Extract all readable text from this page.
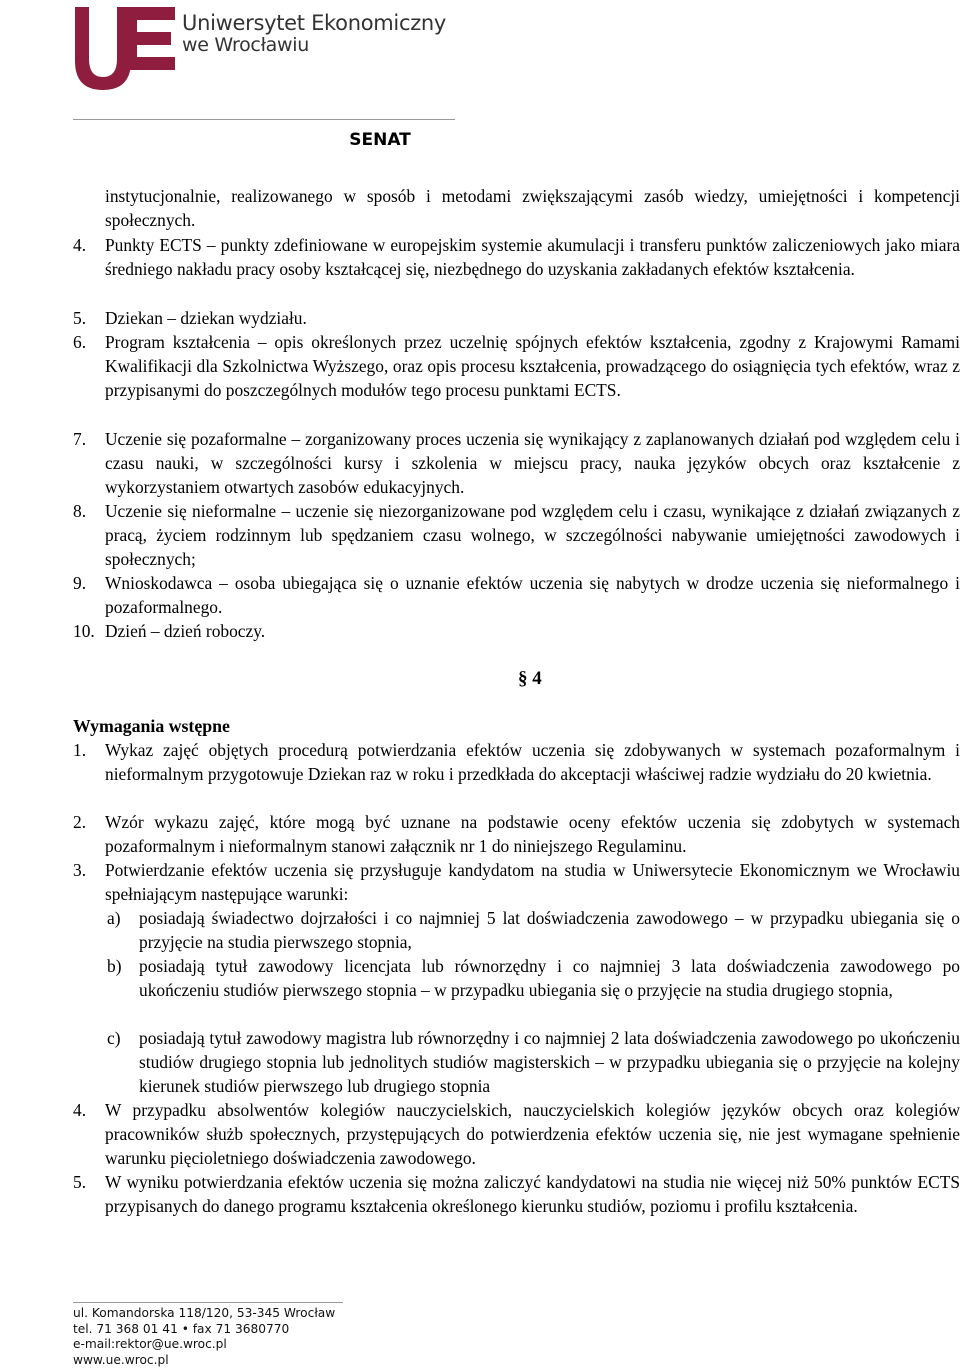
Uniwersytet Ekonomiczny
we Wrocławiu
SENAT
instytucjonalnie, realizowanego w sposób i metodami zwiększającymi zasób wiedzy, umiejętności i kompetencji społecznych.
4. Punkty ECTS – punkty zdefiniowane w europejskim systemie akumulacji i transferu punktów zaliczeniowych jako miara średniego nakładu pracy osoby kształcącej się, niezbędnego do uzyskania zakładanych efektów kształcenia.
5. Dziekan – dziekan wydziału.
6. Program kształcenia – opis określonych przez uczelnię spójnych efektów kształcenia, zgodny z Krajowymi Ramami Kwalifikacji dla Szkolnictwa Wyższego, oraz opis procesu kształcenia, prowadzącego do osiągnięcia tych efektów, wraz z przypisanymi do poszczególnych modułów tego procesu punktami ECTS.
7. Uczenie się pozaformalne – zorganizowany proces uczenia się wynikający z zaplanowanych działań pod względem celu i czasu nauki, w szczególności kursy i szkolenia w miejscu pracy, nauka języków obcych oraz kształcenie z wykorzystaniem otwartych zasobów edukacyjnych.
8. Uczenie się nieformalne – uczenie się niezorganizowane pod względem celu i czasu, wynikające z działań związanych z pracą, życiem rodzinnym lub spędzaniem czasu wolnego, w szczególności nabywanie umiejętności zawodowych i społecznych;
9. Wnioskodawca – osoba ubiegająca się o uznanie efektów uczenia się nabytych w drodze uczenia się nieformalnego i pozaformalnego.
10. Dzień – dzień roboczy.
§ 4
Wymagania wstępne
1. Wykaz zajęć objętych procedurą potwierdzania efektów uczenia się zdobywanych w systemach pozaformalnym i nieformalnym przygotowuje Dziekan raz w roku i przedkłada do akceptacji właściwej radzie wydziału do 20 kwietnia.
2. Wzór wykazu zajęć, które mogą być uznane na podstawie oceny efektów uczenia się zdobytych w systemach pozaformalnym i nieformalnym stanowi załącznik nr 1 do niniejszego Regulaminu.
3. Potwierdzanie efektów uczenia się przysługuje kandydatom na studia w Uniwersytecie Ekonomicznym we Wrocławiu spełniającym następujące warunki:
a) posiadają świadectwo dojrzałości i co najmniej 5 lat doświadczenia zawodowego – w przypadku ubiegania się o przyjęcie na studia pierwszego stopnia,
b) posiadają tytuł zawodowy licencjata lub równorzędny i co najmniej 3 lata doświadczenia zawodowego po ukończeniu studiów pierwszego stopnia – w przypadku ubiegania się o przyjęcie na studia drugiego stopnia,
c) posiadają tytuł zawodowy magistra lub równorzędny i co najmniej 2 lata doświadczenia zawodowego po ukończeniu studiów drugiego stopnia lub jednolitych studiów magisterskich – w przypadku ubiegania się o przyjęcie na kolejny kierunek studiów pierwszego lub drugiego stopnia
4. W przypadku absolwentów kolegiów nauczycielskich, nauczycielskich kolegiów języków obcych oraz kolegiów pracowników służb społecznych, przystępujących do potwierdzenia efektów uczenia się, nie jest wymagane spełnienie warunku pięcioletniego doświadczenia zawodowego.
5. W wyniku potwierdzania efektów uczenia się można zaliczyć kandydatowi na studia nie więcej niż 50% punktów ECTS przypisanych do danego programu kształcenia określonego kierunku studiów, poziomu i profilu kształcenia.
ul. Komandorska 118/120, 53-345 Wrocław
tel. 71 368 01 41 • fax 71 3680770
e-mail:rektor@ue.wroc.pl
www.ue.wroc.pl
